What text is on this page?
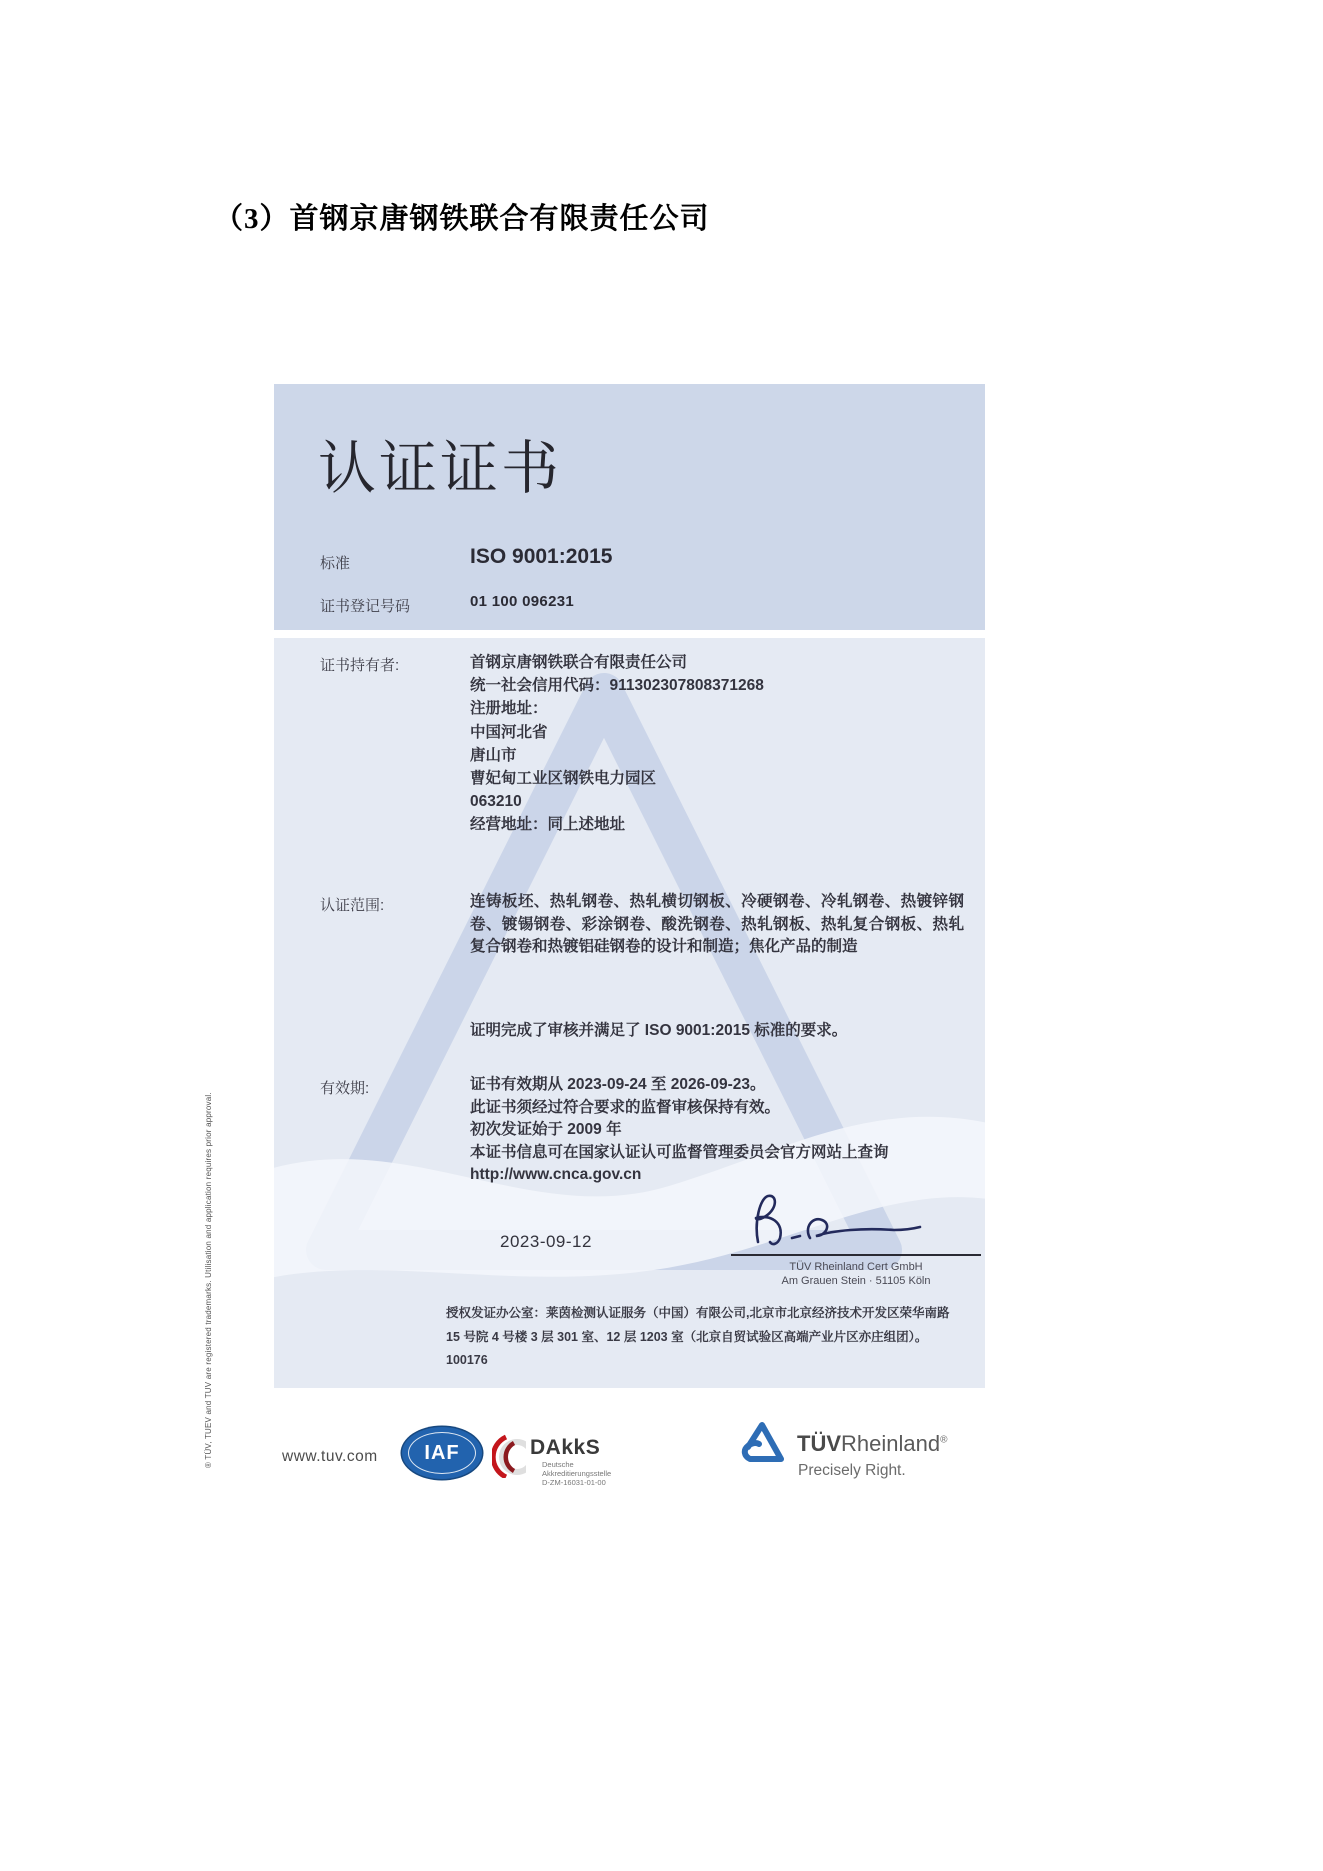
（3）首钢京唐钢铁联合有限责任公司
® TÜV, TUEV and TUV are registered trademarks. Utilisation and application requires prior approval.
认证证书
标准	ISO 9001:2015
证书登记号码	01 100 096231
证书持有者:	首钢京唐钢铁联合有限责任公司
统一社会信用代码：911302307808371268
注册地址：
中国河北省
唐山市
曹妃甸工业区钢铁电力园区
063210
经营地址：同上述地址
认证范围:	连铸板坯、热轧钢卷、热轧横切钢板、冷硬钢卷、冷轧钢卷、热镀锌钢卷、镀锡钢卷、彩涂钢卷、酸洗钢卷、热轧钢板、热轧复合钢板、热轧复合钢卷和热镀铝硅钢卷的设计和制造；焦化产品的制造
证明完成了审核并满足了 ISO 9001:2015 标准的要求。
有效期:	证书有效期从 2023-09-24 至 2026-09-23。
此证书须经过符合要求的监督审核保持有效。
初次发证始于 2009 年
本证书信息可在国家认证认可监督管理委员会官方网站上查询
http://www.cnca.gov.cn
2023-09-12
TÜV Rheinland Cert GmbH
Am Grauen Stein · 51105 Köln
授权发证办公室：莱茵检测认证服务（中国）有限公司,北京市北京经济技术开发区荣华南路
15 号院 4 号楼 3 层 301 室、12 层 1203 室（北京自贸试验区高端产业片区亦庄组团）。
100176
www.tuv.com IAF	DAkkS
Deutsche
Akkreditierungsstelle
D-ZM-16031-01-00
TÜVRheinland®
Precisely Right.
